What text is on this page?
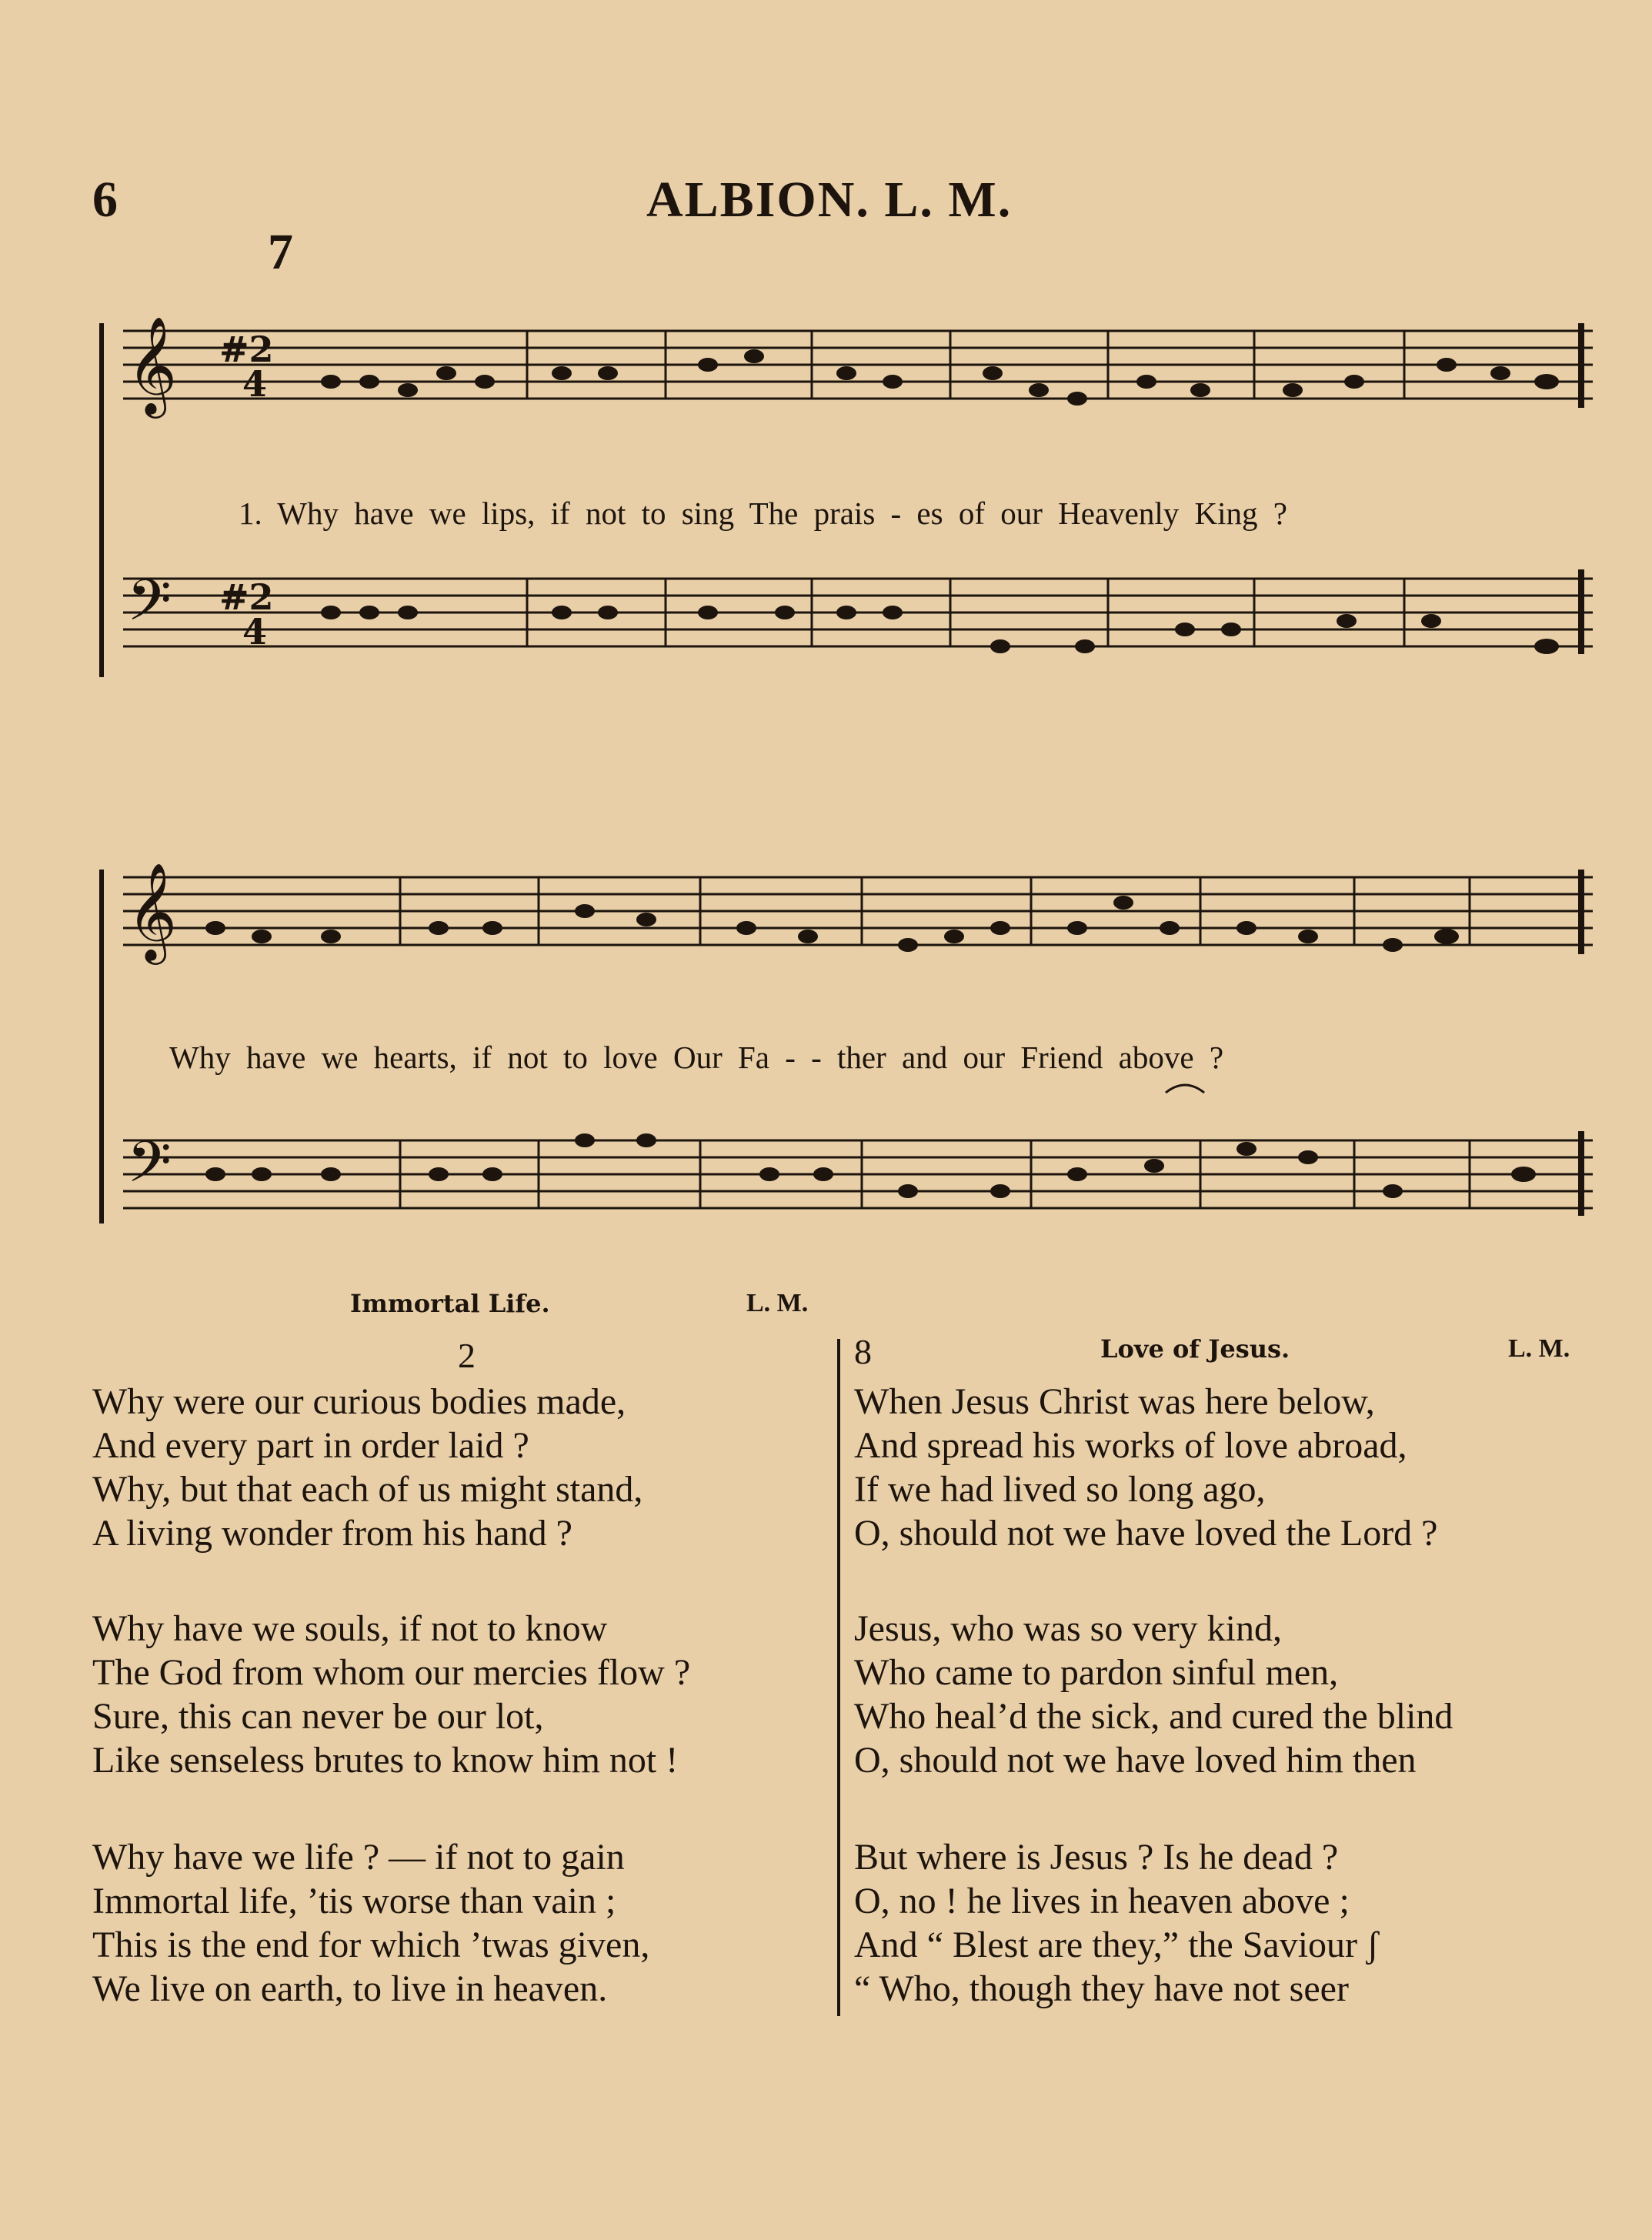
6	ALBION. L. M.
7
𝄞
𝄢
#2
4
#2
4
1. Why have we lips, if not to sing The prais - es of our Heavenly King ?
𝄞
𝄢
Why have we hearts, if not to love Our Fa - - ther and our Friend above ?
Immortal Life.	L. M.
2
Why were our curious bodies made,
And every part in order laid ?
Why, but that each of us might stand,
A living wonder from his hand ?
Why have we souls, if not to know
The God from whom our mercies flow ?
Sure, this can never be our lot,
Like senseless brutes to know him not !
Why have we life ? — if not to gain
Immortal life, ’tis worse than vain ;
This is the end for which ’twas given,
We live on earth, to live in heaven.
8	Love of Jesus.	L. M.
When Jesus Christ was here below,
And spread his works of love abroad,
If we had lived so long ago,
O, should not we have loved the Lord ?
Jesus, who was so very kind,
Who came to pardon sinful men,
Who heal’d the sick, and cured the blind
O, should not we have loved him then
But where is Jesus ? Is he dead ?
O, no ! he lives in heaven above ;
And “ Blest are they,” the Saviour ʃ
“ Who, though they have not seer
